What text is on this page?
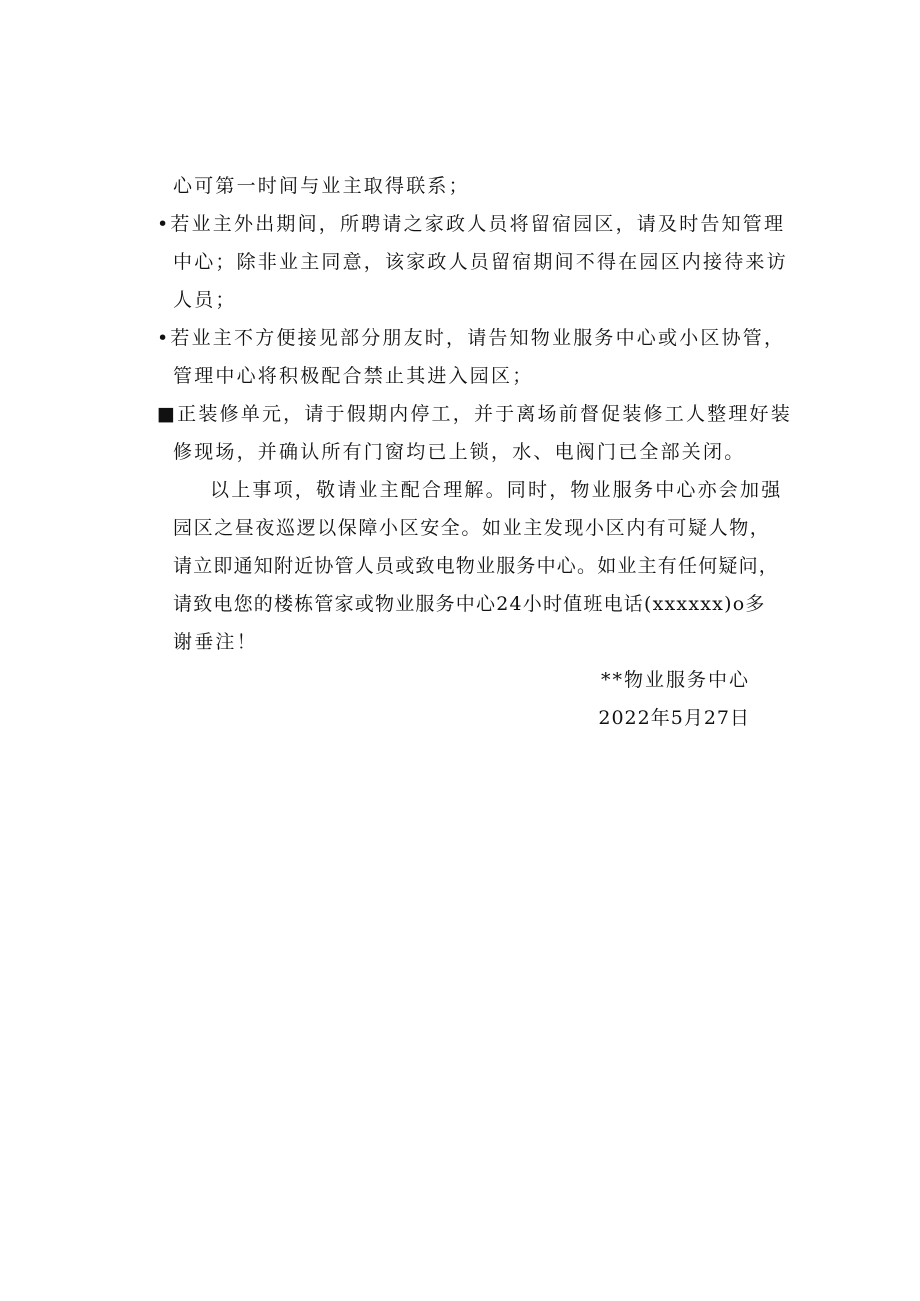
心可第一时间与业主取得联系；
•若业主外出期间，所聘请之家政人员将留宿园区，请及时告知管理
中心；除非业主同意，该家政人员留宿期间不得在园区内接待来访
人员；
•若业主不方便接见部分朋友时，请告知物业服务中心或小区协管，
管理中心将积极配合禁止其进入园区；
■正装修单元，请于假期内停工，并于离场前督促装修工人整理好装
修现场，并确认所有门窗均已上锁，水、电阀门已全部关闭。
以上事项，敬请业主配合理解。同时，物业服务中心亦会加强
园区之昼夜巡逻以保障小区安全。如业主发现小区内有可疑人物，
请立即通知附近协管人员或致电物业服务中心。如业主有任何疑问，
请致电您的楼栋管家或物业服务中心24小时值班电话(xxxxxx)o多
谢垂注！
**物业服务中心
2022年5月27日
